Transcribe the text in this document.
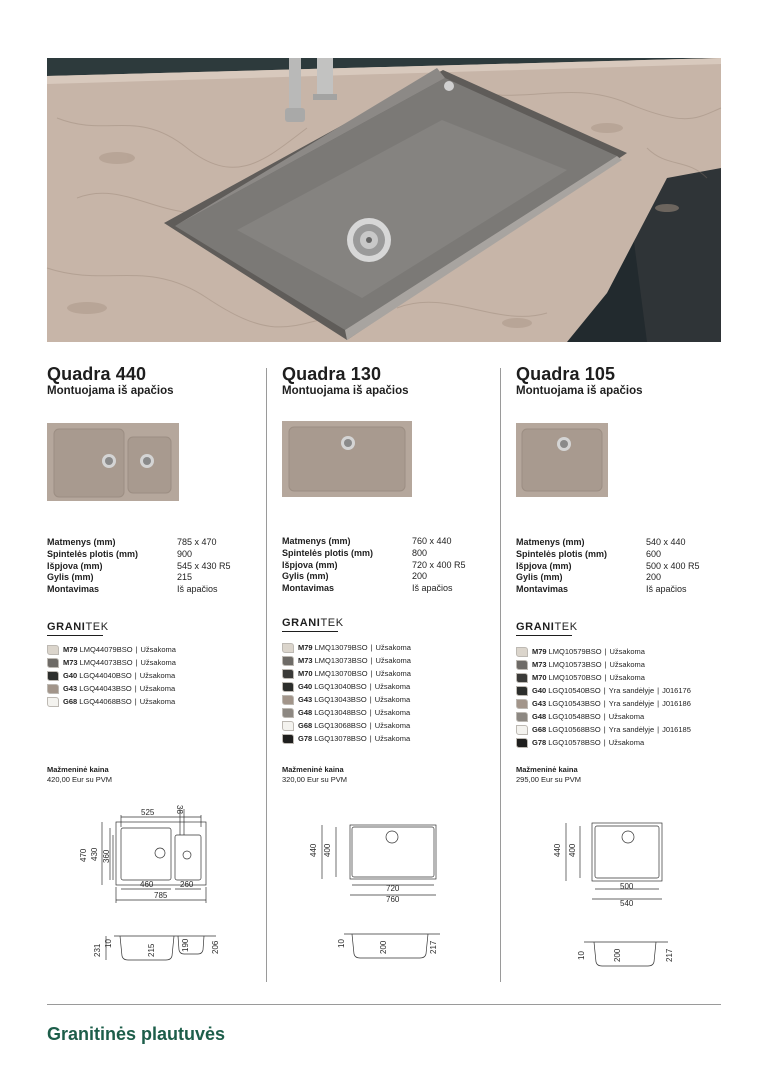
Quadra 440
Montuojama iš apačios
Matmenys (mm)	785 x 470
Spintelės plotis (mm)	900
Išpjova (mm)	545 x 430 R5
Gylis (mm)	215
Montavimas	Iš apačios
GRANITEK
M79 LMQ44079BSO | Užsakoma
M73 LMQ44073BSO | Užsakoma
G40 LGQ44040BSO | Užsakoma
G43 LGQ44043BSO | Užsakoma
G68 LGQ44068BSO | Užsakoma
Mažmeninė kaina
420,00 Eur su PVM
525	38
470 430 360
460	260
785
231
10
215	190	206
Quadra 130
Montuojama iš apačios
Matmenys (mm)	760 x 440
Spintelės plotis (mm)	800
Išpjova (mm)	720 x 400 R5
Gylis (mm)	200
Montavimas	Iš apačios
GRANITEK
M79 LMQ13079BSO | Užsakoma
M73 LMQ13073BSO | Užsakoma
M70 LMQ13070BSO | Užsakoma
G40 LGQ13040BSO | Užsakoma
G43 LGQ13043BSO | Užsakoma
G48 LGQ13048BSO | Užsakoma
G68 LGQ13068BSO | Užsakoma
G78 LGQ13078BSO | Užsakoma
Mažmeninė kaina
320,00 Eur su PVM
440 400
720
760
10	200	217
Quadra 105
Montuojama iš apačios
Matmenys (mm)	540 x 440
Spintelės plotis (mm)	600
Išpjova (mm)	500 x 400 R5
Gylis (mm)	200
Montavimas	Iš apačios
GRANITEK
M79 LMQ10579BSO | Užsakoma
M73 LMQ10573BSO | Užsakoma
M70 LMQ10570BSO | Užsakoma
G40 LGQ10540BSO | Yra sandėlyje | J016176
G43 LGQ10543BSO | Yra sandėlyje | J016186
G48 LGQ10548BSO | Užsakoma
G68 LGQ10568BSO | Yra sandėlyje | J016185
G78 LGQ10578BSO | Užsakoma
Mažmeninė kaina
295,00 Eur su PVM
440 400
500
540
10	200	217
Granitinės plautuvės
